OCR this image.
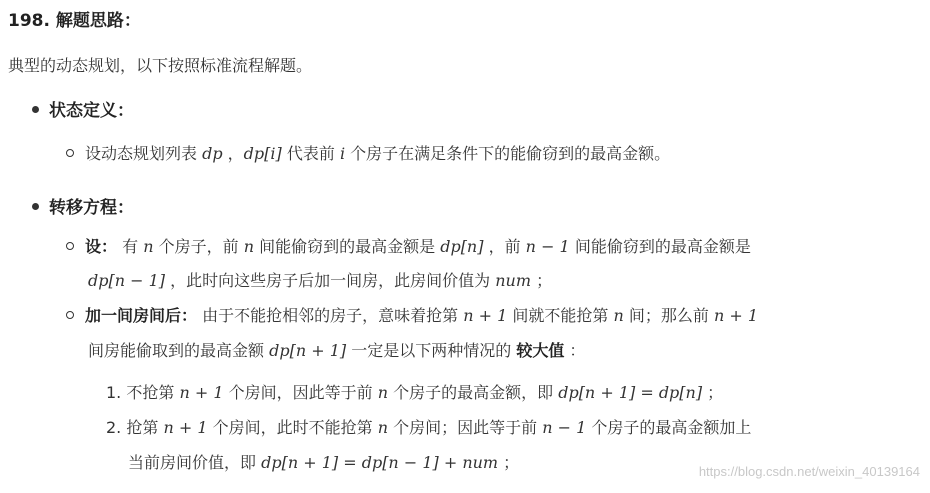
198. 解题思路：
典型的动态规划，以下按照标准流程解题。
状态定义：
设动态规划列表 dp ，dp[i] 代表前 i 个房子在满足条件下的能偷窃到的最高金额。
转移方程：
设： 有 n 个房子，前 n 间能偷窃到的最高金额是 dp[n] ，前 n − 1 间能偷窃到的最高金额是
dp[n − 1] ，此时向这些房子后加一间房，此房间价值为 num ；
加一间房间后： 由于不能抢相邻的房子，意味着抢第 n + 1 间就不能抢第 n 间；那么前 n + 1
间房能偷取到的最高金额 dp[n + 1] 一定是以下两种情况的 较大值 ：
1. 不抢第 n + 1 个房间，因此等于前 n 个房子的最高金额，即 dp[n + 1] = dp[n] ；
2. 抢第 n + 1 个房间，此时不能抢第 n 个房间；因此等于前 n − 1 个房子的最高金额加上
当前房间价值，即 dp[n + 1] = dp[n − 1] + num ；	https://blog.csdn.net/weixin_40139164
